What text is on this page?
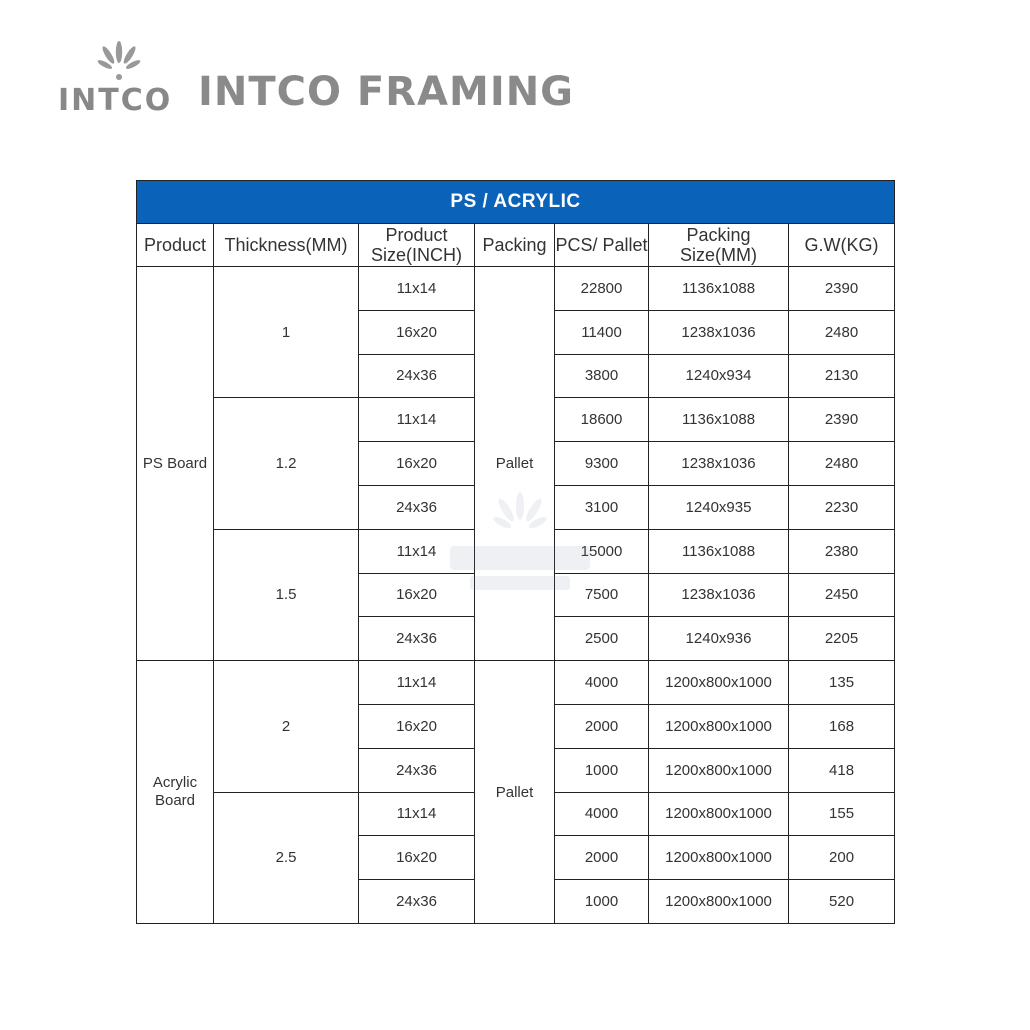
INTCO INTCO FRAMING
PS / ACRYLIC						
Product	Thickness(MM)	Product Size(INCH)	Packing	PCS/ Pallet	Packing Size(MM)	G.W(KG)
PS Board	1	11x14	Pallet	22800	1136x1088	2390
		16x20		11400	1238x1036	2480
		24x36		3800	1240x934	2130
	1.2	11x14		18600	1136x1088	2390
		16x20		9300	1238x1036	2480
		24x36		3100	1240x935	2230
	1.5	11x14		15000	1136x1088	2380
		16x20		7500	1238x1036	2450
		24x36		2500	1240x936	2205
Acrylic Board	2	11x14	Pallet	4000	1200x800x1000	135
		16x20		2000	1200x800x1000	168
		24x36		1000	1200x800x1000	418
	2.5	11x14		4000	1200x800x1000	155
		16x20		2000	1200x800x1000	200
		24x36		1000	1200x800x1000	520
